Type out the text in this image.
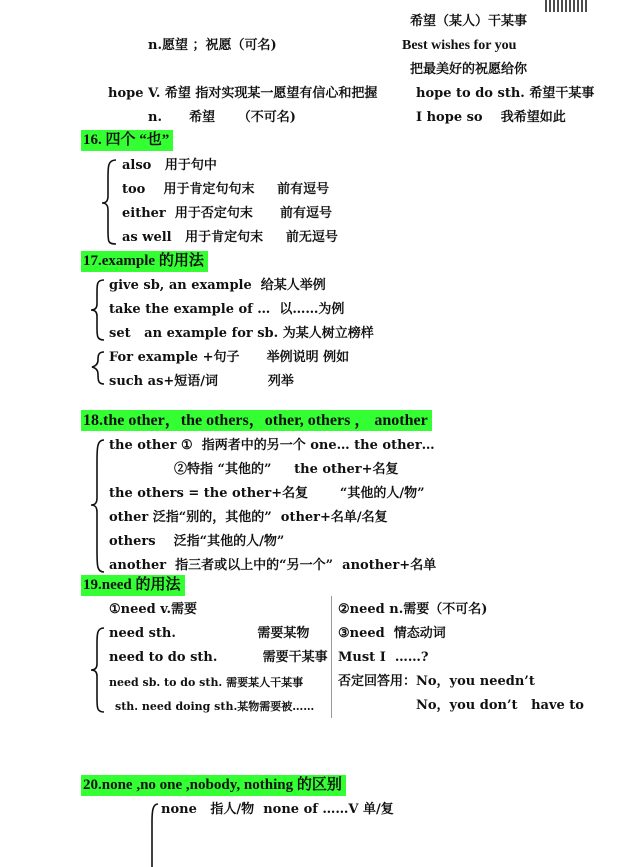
希望（某人）干某事
n.愿望 ；祝愿（可名)	Best wishes for you
把最美好的祝愿给你
hope V. 希望 指对实现某一愿望有信心和把握	hope to do sth. 希望干某事
n.      希望     （不可名)	I hope so    我希望如此
16. 四个 “也”
also   用于句中
too    用于肯定句句末     前有逗号
either  用于否定句末      前有逗号
as well   用于肯定句末     前无逗号
17.example 的用法
give sb, an example  给某人举例
take the example of …  以……为例
set   an example for sb. 为某人树立榜样
For example +句子      举例说明 例如
such as+短语/词           列举
18.the other，the others，other, others ， another
the other ①  指两者中的另一个 one… the other…
②特指 “其他的”     the other+名复
the others = the other+名复       “其他的人/物”
other 泛指“别的，其他的”  other+名单/名复
others    泛指“其他的人/物”
another  指三者或以上中的“另一个”  another+名单
19.need 的用法
①need v.需要
need sth.                  需要某物
need to do sth.          需要干某事
need sb. to do sth. 需要某人干某事
sth. need doing sth.某物需要被……
②need n.需要（不可名)
③need  情态动词
Must I  ……?
否定回答用：No，you needn’t
No，you don’t   have to
20.none ,no one ,nobody, nothing 的区别
none   指人/物  none of ……V 单/复
